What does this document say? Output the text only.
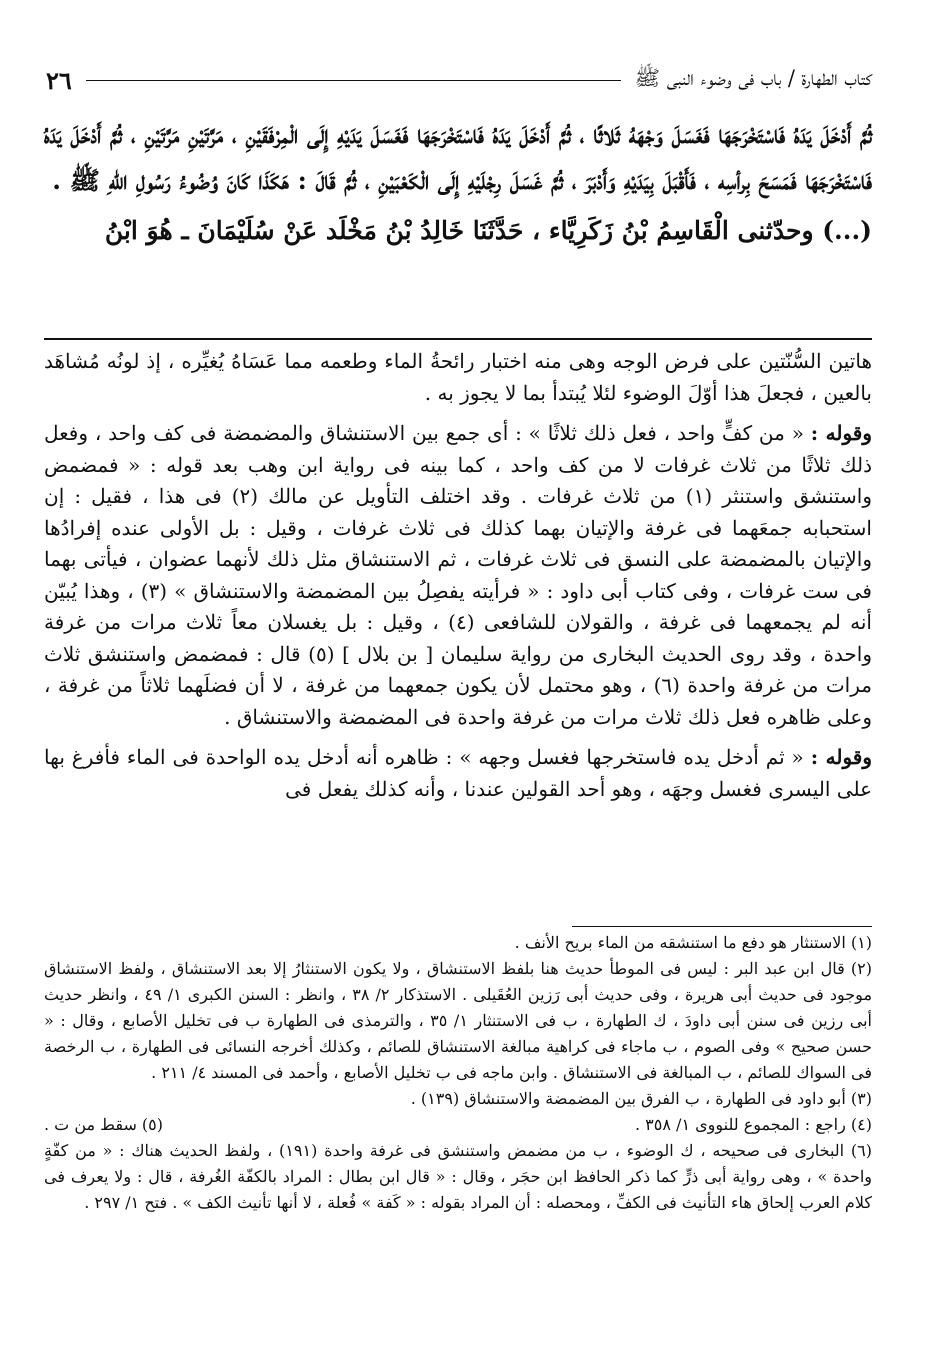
كتاب الطهارة / باب فى وضوء النبى ﷺ
٢٦

ثُمَّ أَدْخَلَ يَدَهُ فَاسْتَخْرَجَهَا فَغَسَلَ وَجْهَهُ ثَلاثًا ، ثُمَّ أَدْخَلَ يَدَهُ فَاسْتَخْرَجَهَا فَغَسَلَ يَدَيْهِ إِلَى الْمِرْفَقَيْنِ ، مَرَّتَيْنِ مَرَّتَيْنِ ، ثُمَّ أَدْخَلَ يَدَهُ فَاسْتَخْرَجَهَا فَمَسَحَ بِرأسِه ، فَأَقْبَلَ بِيَدَيْهِ وَأَدْبَرَ ، ثُمَّ غَسَلَ رِجْلَيْهِ إِلَى الْكَعْبَيْنِ ، ثُمَّ قَالَ : هَكَذَا كَانَ وُضُوءُ رَسُولِ اللهِ ﷺ .

(...) وحدّثنى الْقَاسِمُ بْنُ زَكَرِيَّاء ، حَدَّثَنَا خَالِدُ بْنُ مَخْلَد عَنْ سُلَيْمَانَ ـ هُوَ ابْنُ

هاتين السُّنّتين على فرض الوجه وهى منه اختبار رائحةُ الماء وطعمه مما عَسَاهُ يُغيِّره ، إذ لونُه مُشاهَد بالعين ، فجعلَ هذا أوّلَ الوضوء لئلا يُبتدأ بما لا يجوز به .

وقوله : « من كفٍّ واحد ، فعل ذلك ثلاثًا » : أى جمع بين الاستنشاق والمضمضة فى كف واحد ، وفعل ذلك ثلاثًا من ثلاث غرفات لا من كف واحد ، كما بينه فى رواية ابن وهب بعد قوله : « فمضمض واستنشق واستنثر (١) من ثلاث غرفات . وقد اختلف التأويل عن مالك (٢) فى هذا ، فقيل : إن استحبابه جمعَهما فى غرفة والإتيان بهما كذلك فى ثلاث غرفات ، وقيل : بل الأولى عنده إفرادُها والإتيان بالمضمضة على النسق فى ثلاث غرفات ، ثم الاستنشاق مثل ذلك لأنهما عضوان ، فيأتى بهما فى ست غرفات ، وفى كتاب أبى داود : « فرأيته يفصِلُ بين المضمضة والاستنشاق » (٣) ، وهذا يُبيّن أنه لم يجمعهما فى غرفة ، والقولان للشافعى (٤) ، وقيل : بل يغسلان معاً ثلاث مرات من غرفة واحدة ، وقد روى الحديث البخارى من رواية سليمان [ بن بلال ] (٥) قال : فمضمض واستنشق ثلاث مرات من غرفة واحدة (٦) ، وهو محتمل لأن يكون جمعهما من غرفة ، لا أن فضلَهما ثلاثاً من غرفة ، وعلى ظاهره فعل ذلك ثلاث مرات من غرفة واحدة فى المضمضة والاستنشاق .

وقوله : « ثم أدخل يده فاستخرجها فغسل وجهه » : ظاهره أنه أدخل يده الواحدة فى الماء فأفرغ بها على اليسرى فغسل وجهَه ، وهو أحد القولين عندنا ، وأنه كذلك يفعل فى

(١) الاستنثار هو دفع ما استنشقه من الماء بريح الأنف .

(٢) قال ابن عبد البر : ليس فى الموطأ حديث هنا بلفظ الاستنشاق ، ولا يكون الاستنثارُ إلا بعد الاستنشاق ، ولفظ الاستنشاق موجود فى حديث أبى هريرة ، وفى حديث أبى رَزين العُقَيلى . الاستذكار ٢/ ٣٨ ، وانظر : السنن الكبرى ١/ ٤٩ ، وانظر حديث أبى رزين فى سنن أبى داودَ ، ك الطهارة ، ب فى الاستنثار ١/ ٣٥ ، والترمذى فى الطهارة ب فى تخليل الأصابع ، وقال : « حسن صحيح » وفى الصوم ، ب ماجاء فى كراهية مبالغة الاستنشاق للصائم ، وكذلك أخرجه النسائى فى الطهارة ، ب الرخصة فى السواك للصائم ، ب المبالغة فى الاستنشاق . وابن ماجه فى ب تخليل الأصابع ، وأحمد فى المسند ٤/ ٢١١ .

(٣) أبو داود فى الطهارة ، ب الفرق بين المضمضة والاستنشاق (١٣٩) .

(٤) راجع : المجموع للنووى ١/ ٣٥٨ .
(٥) سقط من ت .

(٦) البخارى فى صحيحه ، ك الوضوء ، ب من مضمض واستنشق فى غرفة واحدة (١٩١) ، ولفظ الحديث هناك : « من كفّةٍ واحدة » ، وهى رواية أبى ذرٍّ كما ذكر الحافظ ابن حجَر ، وقال : « قال ابن بطال : المراد بالكفّة الغُرفة ، قال : ولا يعرف فى كلام العرب إلحاق هاء التأنيث فى الكفِّ ، ومحصله : أن المراد بقوله : « كَفة » فُعلة ، لا أنها تأنيث الكف » . فتح ١/ ٢٩٧ .
